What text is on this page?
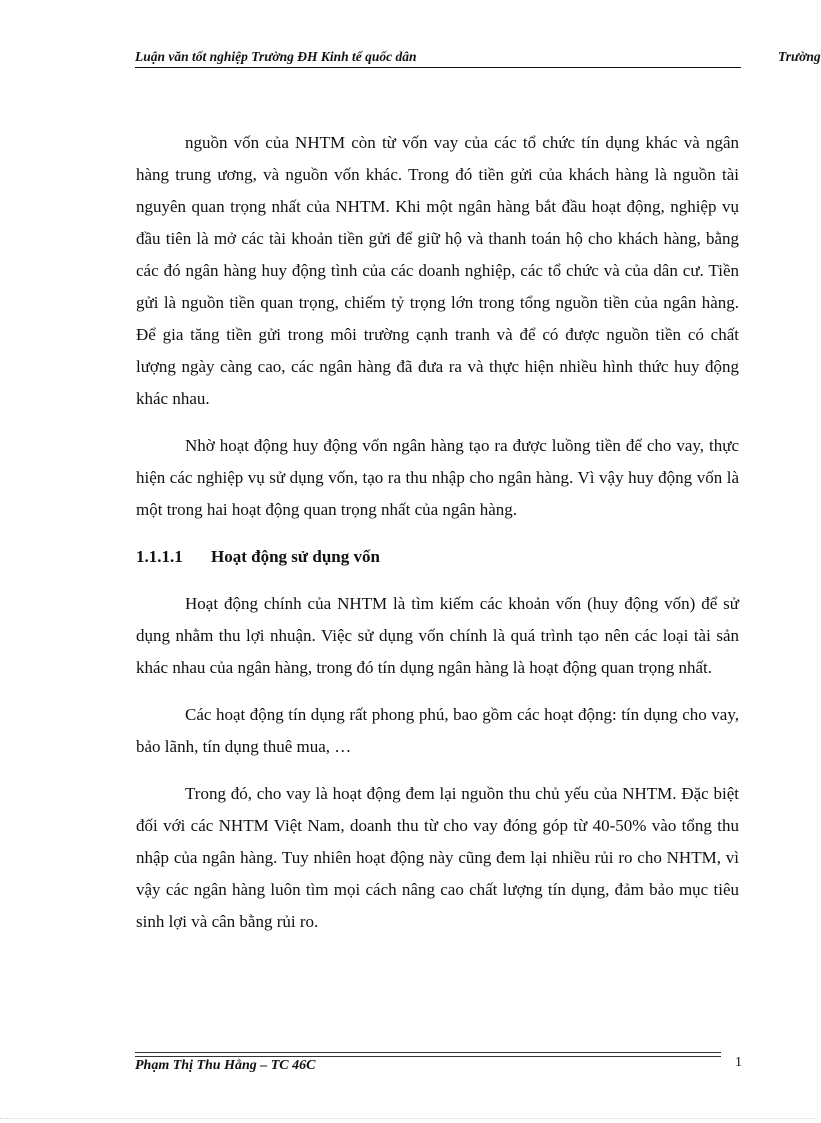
Luận văn tốt nghiệp Trường ĐH Kinh tế quốc dân	Trường

nguồn vốn của NHTM còn từ vốn vay của các tổ chức tín dụng khác và ngân hàng trung ương, và nguồn vốn khác. Trong đó tiền gửi của khách hàng là nguồn tài nguyên quan trọng nhất của NHTM. Khi một ngân hàng bắt đầu hoạt động, nghiệp vụ đầu tiên là mở các tài khoản tiền gửi để giữ hộ và thanh toán hộ cho khách hàng, bằng các đó ngân hàng huy động tình của các doanh nghiệp, các tổ chức và của dân cư. Tiền gửi là nguồn tiền quan trọng, chiếm tỷ trọng lớn trong tổng nguồn tiền của ngân hàng. Để gia tăng tiền gửi trong môi trường cạnh tranh và để có được nguồn tiền có chất lượng ngày càng cao, các ngân hàng đã đưa ra và thực hiện nhiều hình thức huy động khác nhau.

Nhờ hoạt động huy động vốn ngân hàng tạo ra được luồng tiền để cho vay, thực hiện các nghiệp vụ sử dụng vốn, tạo ra thu nhập cho ngân hàng. Vì vậy huy động vốn là một trong hai hoạt động quan trọng nhất của ngân hàng.

1.1.1.1 Hoạt động sử dụng vốn

Hoạt động chính của NHTM là tìm kiếm các khoản vốn (huy động vốn) để sử dụng nhằm thu lợi nhuận. Việc sử dụng vốn chính là quá trình tạo nên các loại tài sản khác nhau của ngân hàng, trong đó tín dụng ngân hàng là hoạt động quan trọng nhất.

Các hoạt động tín dụng rất phong phú, bao gồm các hoạt động: tín dụng cho vay, bảo lãnh, tín dụng thuê mua, …

Trong đó, cho vay là hoạt động đem lại nguồn thu chủ yếu của NHTM. Đặc biệt đối với các NHTM Việt Nam, doanh thu từ cho vay đóng góp từ 40-50% vào tổng thu nhập của ngân hàng. Tuy nhiên hoạt động này cũng đem lại nhiều rủi ro cho NHTM, vì vậy các ngân hàng luôn tìm mọi cách nâng cao chất lượng tín dụng, đảm bảo mục tiêu sinh lợi và cân bằng rủi ro.

Phạm Thị Thu Hằng – TC 46C	1
